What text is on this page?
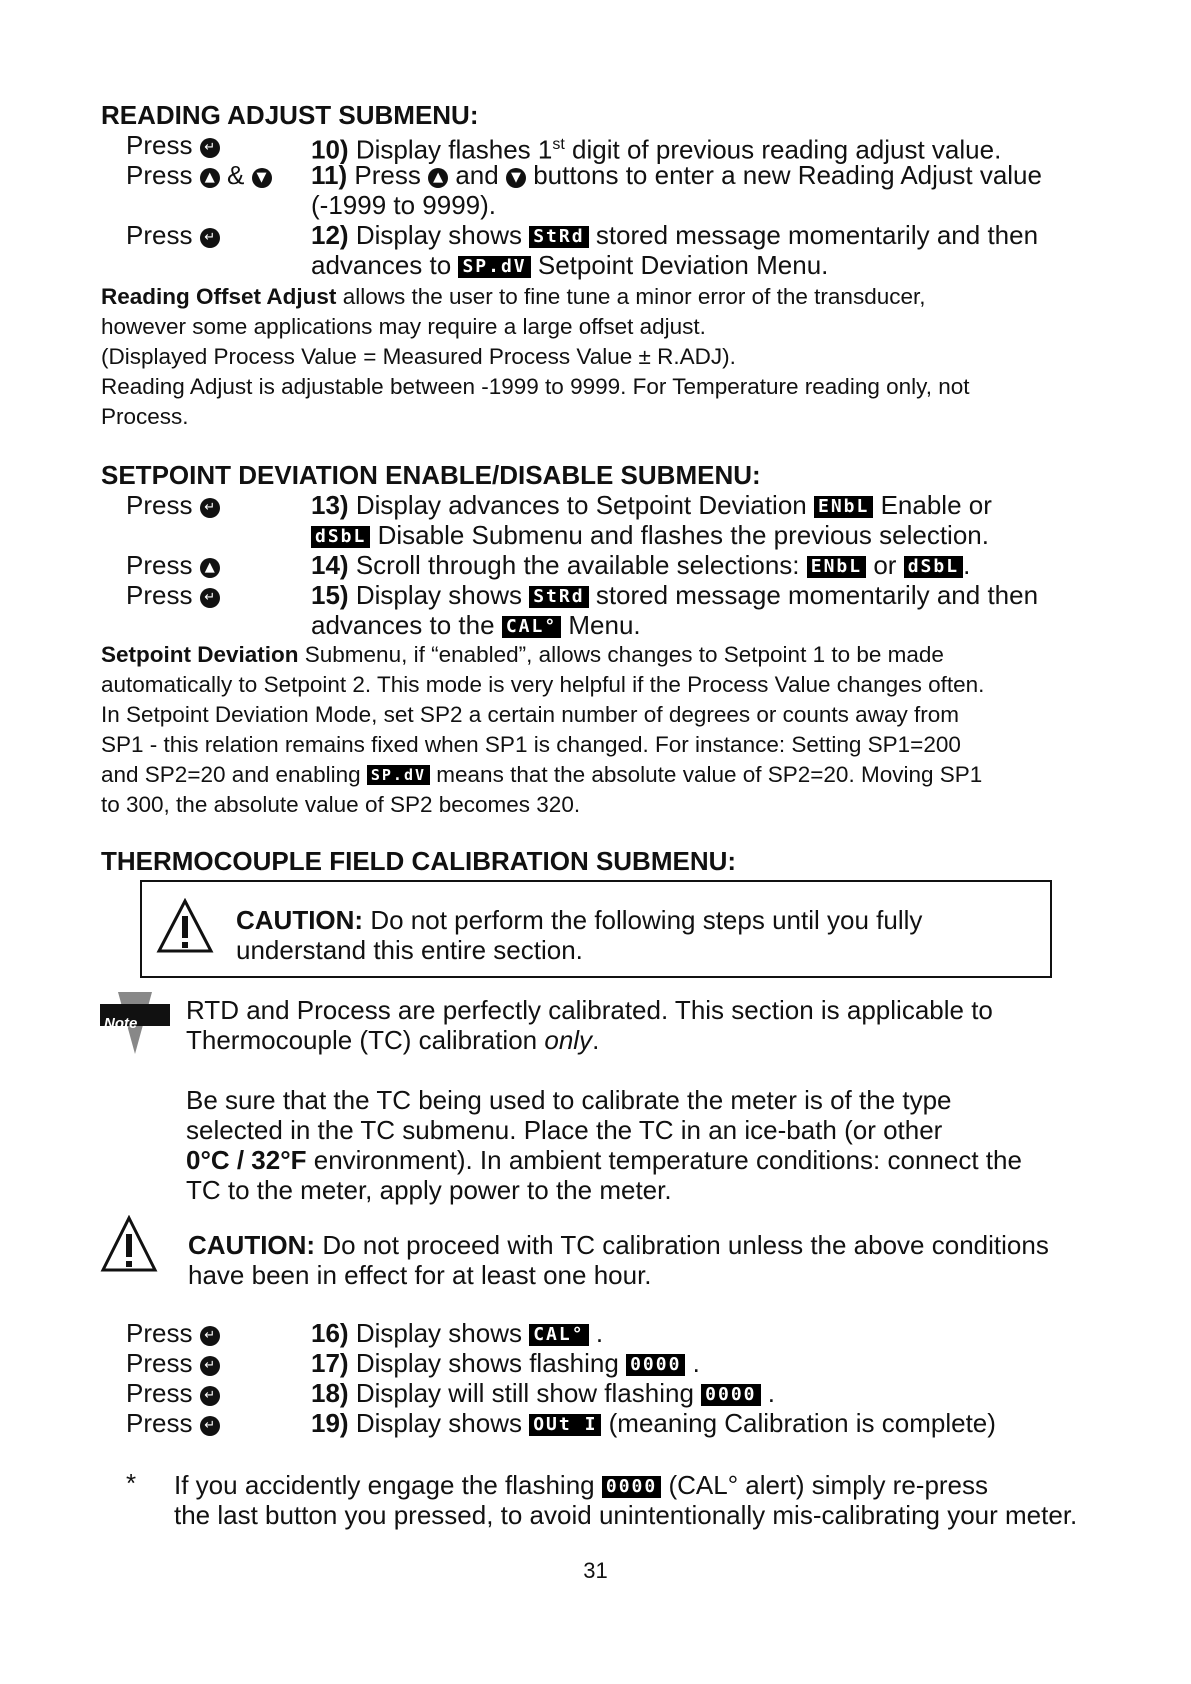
READING ADJUST SUBMENU:
Press ↵	10) Display flashes 1st digit of previous reading adjust value.
Press ▲ & ▼ 11) Press ▲ and ▼ buttons to enter a new Reading Adjust value
(-1999 to 9999).
Press ↵	12) Display shows StRd stored message momentarily and then
advances to SP.dV Setpoint Deviation Menu.
Reading Offset Adjust allows the user to fine tune a minor error of the transducer,
however some applications may require a large offset adjust.
(Displayed Process Value = Measured Process Value ± R.ADJ).
Reading Adjust is adjustable between -1999 to 9999. For Temperature reading only, not
Process.
SETPOINT DEVIATION ENABLE/DISABLE SUBMENU:
Press ↵	13) Display advances to Setpoint Deviation ENbL Enable or
dSbL Disable Submenu and flashes the previous selection.
Press ▲	14) Scroll through the available selections: ENbL or dSbL .
Press ↵	15) Display shows StRd stored message momentarily and then
advances to the CAL° Menu.
Setpoint Deviation Submenu, if “enabled”, allows changes to Setpoint 1 to be made
automatically to Setpoint 2. This mode is very helpful if the Process Value changes often.
In Setpoint Deviation Mode, set SP2 a certain number of degrees or counts away from
SP1 - this relation remains fixed when SP1 is changed. For instance: Setting SP1=200
and SP2=20 and enabling SP.dV means that the absolute value of SP2=20. Moving SP1
to 300, the absolute value of SP2 becomes 320.
THERMOCOUPLE FIELD CALIBRATION SUBMENU:
CAUTION: Do not perform the following steps until you fully
understand this entire section.
Note RTD and Process are perfectly calibrated. This section is applicable to
Thermocouple (TC) calibration only.
Be sure that the TC being used to calibrate the meter is of the type
selected in the TC submenu. Place the TC in an ice-bath (or other
0°C / 32°F environment). In ambient temperature conditions: connect the
TC to the meter, apply power to the meter.
CAUTION: Do not proceed with TC calibration unless the above conditions
have been in effect for at least one hour.
Press ↵	16) Display shows CAL° .
Press ↵	17) Display shows flashing 0000 .
Press ↵	18) Display will still show flashing 0000 .
Press ↵	19) Display shows OUt I (meaning Calibration is complete)
* If you accidently engage the flashing 0000 (CAL° alert) simply re-press
the last button you pressed, to avoid unintentionally mis-calibrating your meter.
31
